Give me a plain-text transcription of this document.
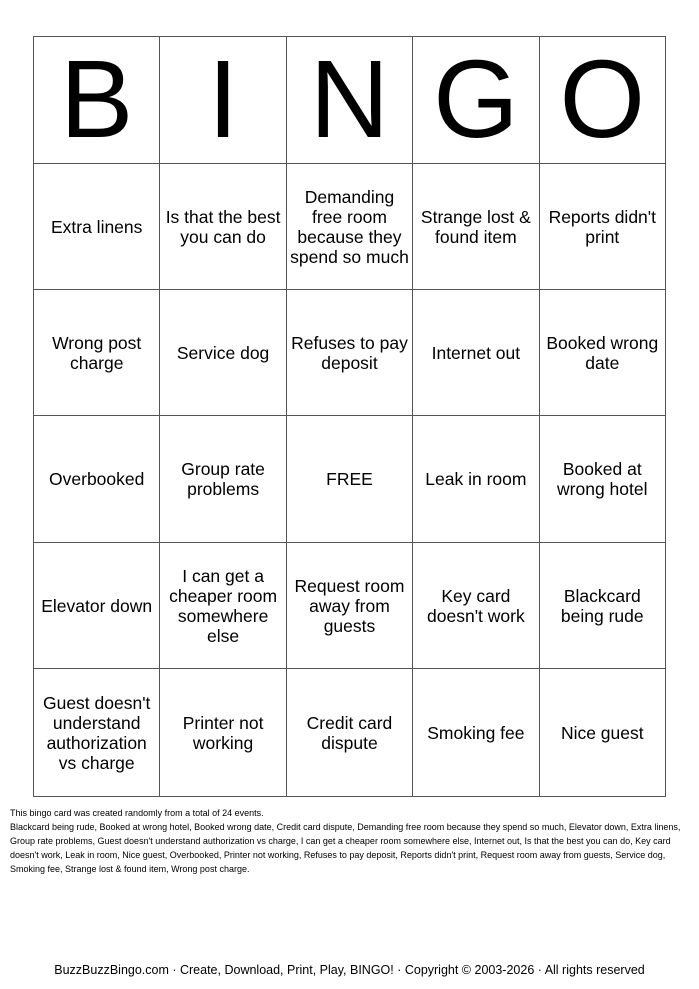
B	I	N	G	O
Extra linens	Is that the best you can do	Demanding free room because they spend so much	Strange lost & found item	Reports didn't print
Wrong post charge	Service dog	Refuses to pay deposit	Internet out	Booked wrong date
Overbooked	Group rate problems	FREE	Leak in room	Booked at wrong hotel
Elevator down	I can get a cheaper room somewhere else	Request room away from guests	Key card doesn't work	Blackcard being rude
Guest doesn't understand authorization vs charge	Printer not working	Credit card dispute	Smoking fee	Nice guest

This bingo card was created randomly from a total of 24 events.

Blackcard being rude, Booked at wrong hotel, Booked wrong date, Credit card dispute, Demanding free room because they spend so much, Elevator down, Extra linens, Group rate problems, Guest doesn't understand authorization vs charge, I can get a cheaper room somewhere else, Internet out, Is that the best you can do, Key card doesn't work, Leak in room, Nice guest, Overbooked, Printer not working, Refuses to pay deposit, Reports didn't print, Request room away from guests, Service dog, Smoking fee, Strange lost & found item, Wrong post charge.

BuzzBuzzBingo.com · Create, Download, Print, Play, BINGO! · Copyright © 2003-2026 · All rights reserved
